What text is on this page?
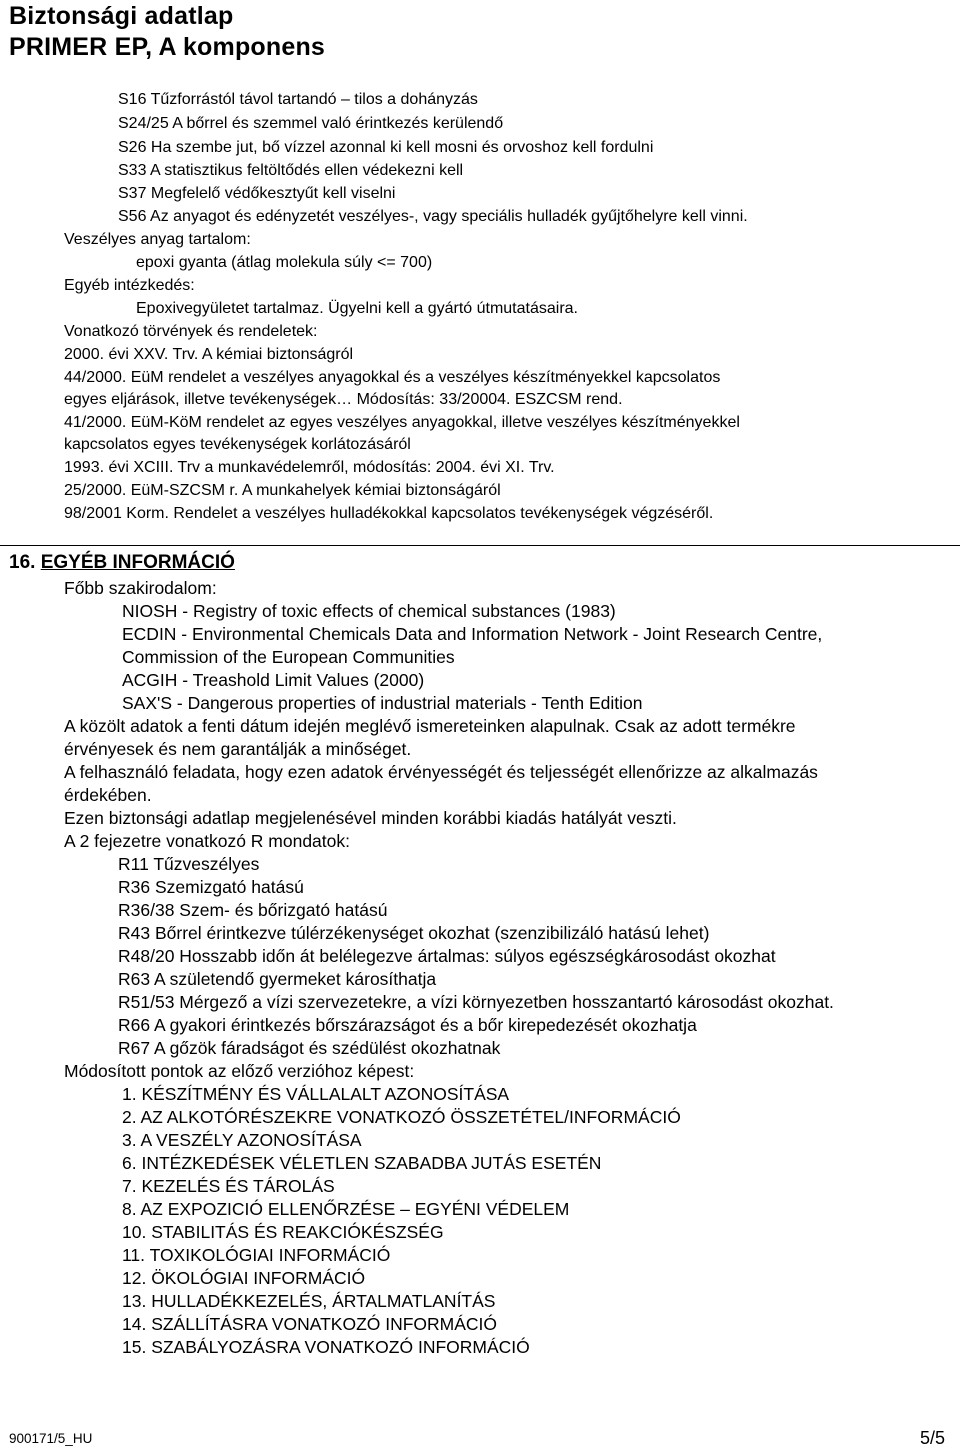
Biztonsági adatlap
PRIMER EP, A komponens
S16 Tűzforrástól távol tartandó – tilos a dohányzás
S24/25 A bőrrel és szemmel való érintkezés kerülendő
S26 Ha szembe jut, bő vízzel azonnal ki kell mosni és orvoshoz kell fordulni
S33 A statisztikus feltöltődés ellen védekezni kell
S37 Megfelelő védőkesztyűt kell viselni
S56 Az anyagot és edényzetét veszélyes-, vagy speciális hulladék gyűjtőhelyre kell vinni.
Veszélyes anyag tartalom:
epoxi gyanta (átlag molekula súly <= 700)
Egyéb intézkedés:
Epoxivegyületet tartalmaz. Ügyelni kell a gyártó útmutatásaira.
Vonatkozó törvények és rendeletek:
2000. évi XXV. Trv. A kémiai biztonságról
44/2000. EüM rendelet a veszélyes anyagokkal és a veszélyes készítményekkel kapcsolatos
egyes eljárások, illetve tevékenységek… Módosítás: 33/20004. ESZCSM rend.
41/2000. EüM-KöM rendelet az egyes veszélyes anyagokkal, illetve veszélyes készítményekkel
kapcsolatos egyes tevékenységek korlátozásáról
1993. évi XCIII. Trv a munkavédelemről, módosítás: 2004. évi XI. Trv.
25/2000. EüM-SZCSM r. A munkahelyek kémiai biztonságáról
98/2001 Korm. Rendelet a veszélyes hulladékokkal kapcsolatos tevékenységek végzéséről.
16. EGYÉB INFORMÁCIÓ
Főbb szakirodalom:
NIOSH - Registry of toxic effects of chemical substances (1983)
ECDIN - Environmental Chemicals Data and Information Network - Joint Research Centre,
Commission of the European Communities
ACGIH - Treashold Limit Values (2000)
SAX'S - Dangerous properties of industrial materials - Tenth Edition
A közölt adatok a fenti dátum idején meglévő ismereteinken alapulnak. Csak az adott termékre
érvényesek és nem garantálják a minőséget.
A felhasználó feladata, hogy ezen adatok érvényességét és teljességét ellenőrizze az alkalmazás
érdekében.
Ezen biztonsági adatlap megjelenésével minden korábbi kiadás hatályát veszti.
A 2 fejezetre vonatkozó R mondatok:
R11 Tűzveszélyes
R36 Szemizgató hatású
R36/38 Szem- és bőrizgató hatású
R43 Bőrrel érintkezve túlérzékenységet okozhat (szenzibilizáló hatású lehet)
R48/20 Hosszabb időn át belélegezve ártalmas: súlyos egészségkárosodást okozhat
R63 A születendő gyermeket károsíthatja
R51/53 Mérgező a vízi szervezetekre, a vízi környezetben hosszantartó károsodást okozhat.
R66 A gyakori érintkezés bőrszárazságot és a bőr kirepedezését okozhatja
R67 A gőzök fáradságot és szédülést okozhatnak
Módosított pontok az előző verzióhoz képest:
1. KÉSZÍTMÉNY ÉS VÁLLALALT AZONOSÍTÁSA
2. AZ ALKOTÓRÉSZEKRE VONATKOZÓ ÖSSZETÉTEL/INFORMÁCIÓ
3. A VESZÉLY AZONOSÍTÁSA
6. INTÉZKEDÉSEK VÉLETLEN SZABADBA JUTÁS ESETÉN
7. KEZELÉS ÉS TÁROLÁS
8. AZ EXPOZICIÓ ELLENŐRZÉSE – EGYÉNI VÉDELEM
10. STABILITÁS ÉS REAKCIÓKÉSZSÉG
11. TOXIKOLÓGIAI INFORMÁCIÓ
12. ÖKOLÓGIAI INFORMÁCIÓ
13. HULLADÉKKEZELÉS, ÁRTALMATLANÍTÁS
14. SZÁLLÍTÁSRA VONATKOZÓ INFORMÁCIÓ
15. SZABÁLYOZÁSRA VONATKOZÓ INFORMÁCIÓ
900171/5_HU	5/5
